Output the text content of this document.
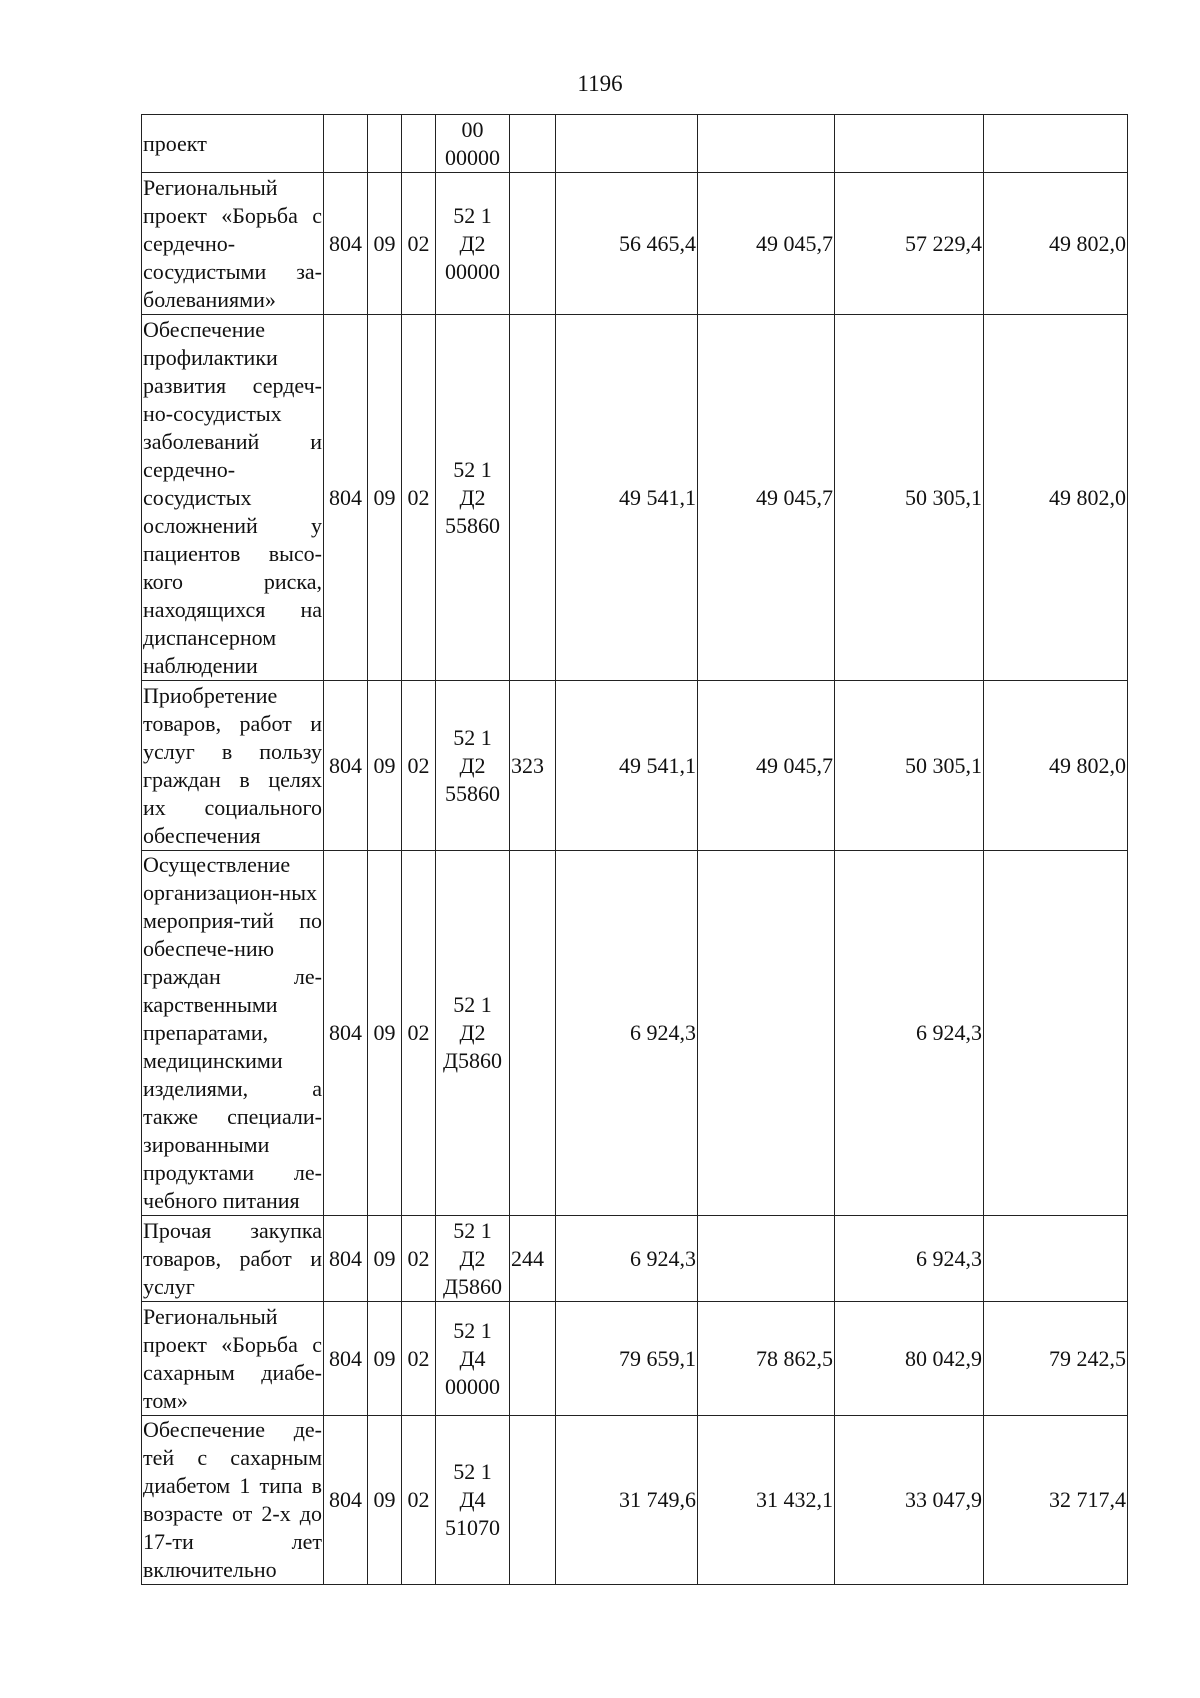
1196
проект				00
00000					

Региональный проект «Борьба с сердечно-сосудистыми за-болеваниями»	804	09	02	52 1
Д2
00000		56 465,4	49 045,7	57 229,4	49 802,0
Обеспечение профилактики развития сердеч-но-сосудистых заболеваний и сердечно-сосудистых осложнений у пациентов высо-кого риска, находящихся на диспансерном наблюдении	804	09	02	52 1
Д2
55860		49 541,1	49 045,7	50 305,1	49 802,0
Приобретение товаров, работ и услуг в пользу граждан в целях их социального обеспечения	804	09	02	52 1
Д2
55860	323	49 541,1	49 045,7	50 305,1	49 802,0
Осуществление организацион-ных мероприя-тий по обеспече-нию граждан ле-карственными препаратами, медицинскими изделиями, а также специали-зированными продуктами ле-чебного питания	804	09	02	52 1
Д2
Д5860		6 924,3		6 924,3	
Прочая закупка товаров, работ и услуг	804	09	02	52 1
Д2
Д5860	244	6 924,3		6 924,3	
Региональный проект «Борьба с сахарным диабе-том»	804	09	02	52 1
Д4
00000		79 659,1	78 862,5	80 042,9	79 242,5
Обеспечение де-тей с сахарным диабетом 1 типа в возрасте от 2-х до 17-ти лет включительно	804	09	02	52 1
Д4
51070		31 749,6	31 432,1	33 047,9	32 717,4
